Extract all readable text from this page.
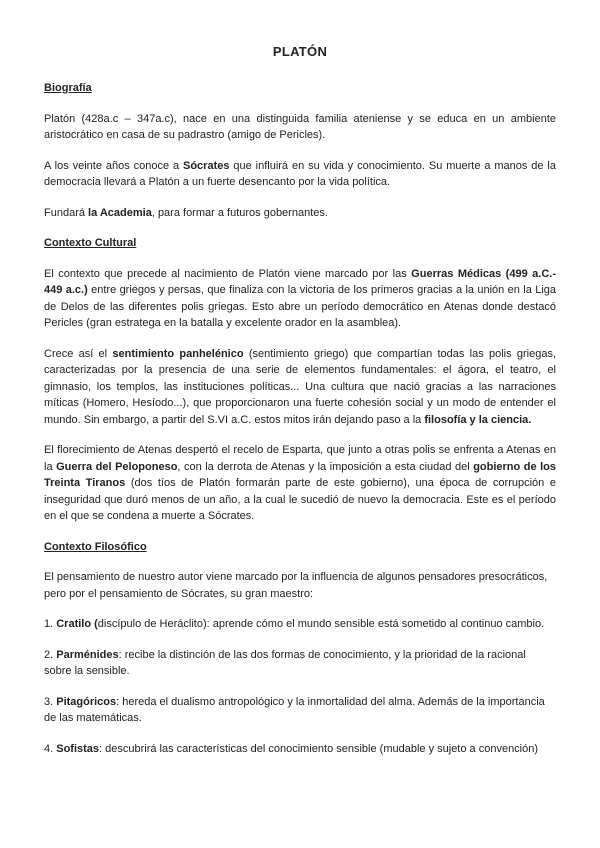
PLATÓN
Biografía

Platón (428a.c – 347a.c), nace en una distinguida familia ateniense y se educa en un ambiente aristocrático en casa de su padrastro (amigo de Pericles).

A los veinte años conoce a Sócrates que influirá en su vida y conocimiento. Su muerte a manos de la democracia llevará a Platón a un fuerte desencanto por la vida política.

Fundará la Academia, para formar a futuros gobernantes.

Contexto Cultural

El contexto que precede al nacimiento de Platón viene marcado por las Guerras Médicas (499 a.C.- 449 a.c.) entre griegos y persas, que finaliza con la victoria de los primeros gracias a la unión en la Liga de Delos de las diferentes polis griegas. Esto abre un período democrático en Atenas donde destacó Pericles (gran estratega en la batalla y excelente orador en la asamblea).

Crece así el sentimiento panhelénico (sentimiento griego) que compartían todas las polis griegas, caracterizadas por la presencia de una serie de elementos fundamentales: el ágora, el teatro, el gimnasio, los templos, las instituciones políticas... Una cultura que nació gracias a las narraciones míticas (Homero, Hesíodo...), que proporcionaron una fuerte cohesión social y un modo de entender el mundo. Sin embargo, a partir del S.VI a.C. estos mitos irán dejando paso a la filosofía y la ciencia.

El florecimiento de Atenas despertó el recelo de Esparta, que junto a otras polis se enfrenta a Atenas en la Guerra del Peloponeso, con la derrota de Atenas y la imposición a esta ciudad del gobierno de los Treinta Tiranos (dos tíos de Platón formarán parte de este gobierno), una época de corrupción e inseguridad que duró menos de un año, a la cual le sucedió de nuevo la democracia. Este es el período en el que se condena a muerte a Sócrates.

Contexto Filosófico

El pensamiento de nuestro autor viene marcado por la influencia de algunos pensadores presocráticos, pero por el pensamiento de Sócrates, su gran maestro:

1. Cratilo (discípulo de Heráclito): aprende cómo el mundo sensible está sometido al continuo cambio.

2. Parménides: recibe la distinción de las dos formas de conocimiento, y la prioridad de la racional sobre la sensible.

3. Pitagóricos: hereda el dualismo antropológico y la inmortalidad del alma. Además de la importancia de las matemáticas.

4. Sofistas: descubrirá las características del conocimiento sensible (mudable y sujeto a convención)
